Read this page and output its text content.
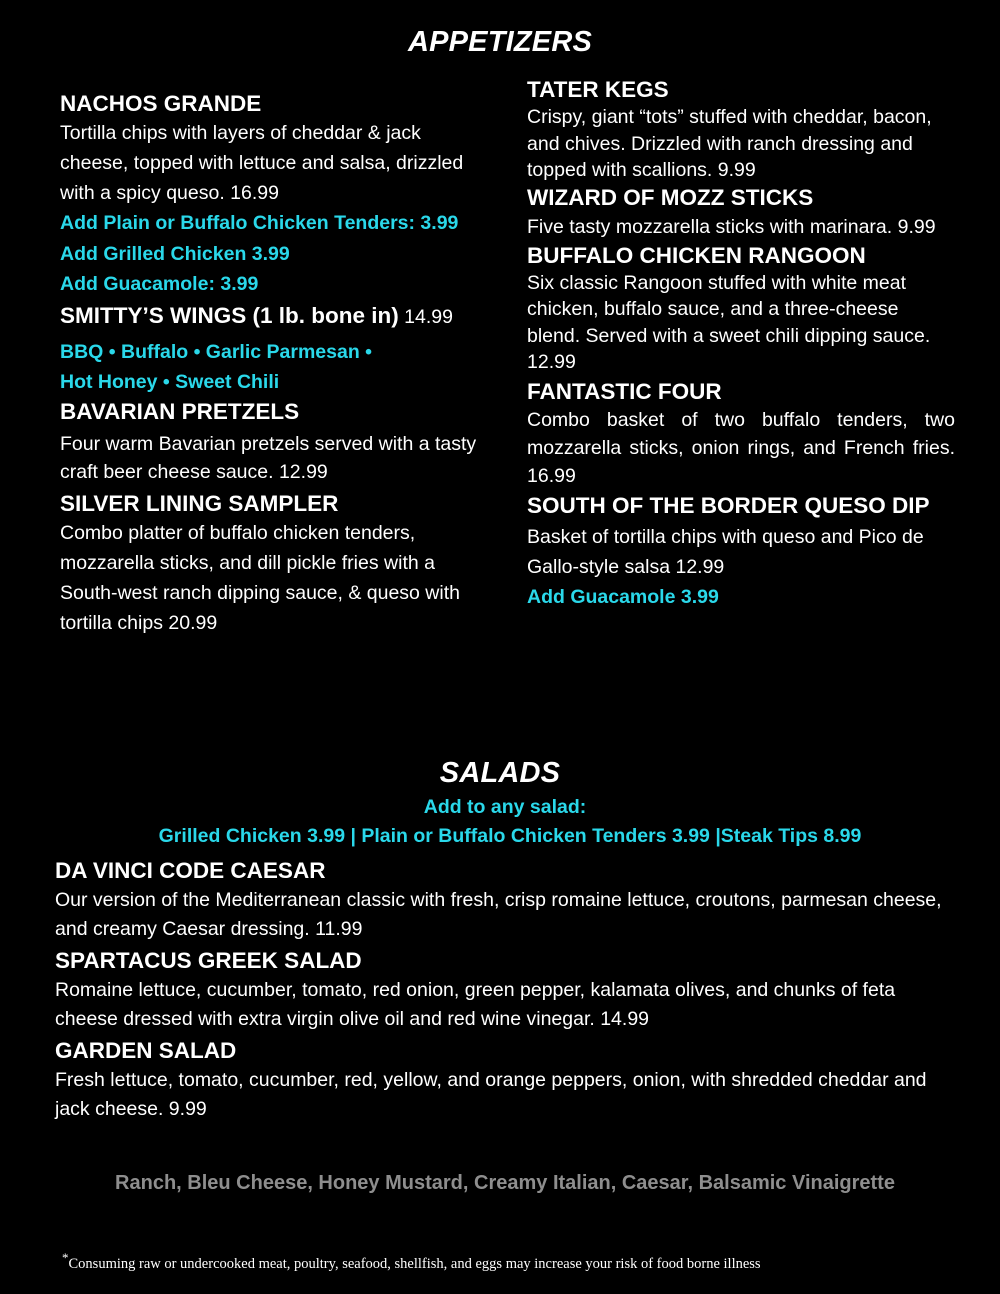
APPETIZERS
NACHOS GRANDE
Tortilla chips with layers of cheddar & jack cheese, topped with lettuce and salsa, drizzled with a spicy queso. 16.99
Add Plain or Buffalo Chicken Tenders: 3.99
Add Grilled Chicken 3.99
Add Guacamole: 3.99
SMITTY’S WINGS (1 lb. bone in) 14.99
BBQ • Buffalo • Garlic Parmesan •
Hot Honey • Sweet Chili
BAVARIAN PRETZELS
Four warm Bavarian pretzels served with a tasty craft beer cheese sauce. 12.99
SILVER LINING SAMPLER
Combo platter of buffalo chicken tenders, mozzarella sticks, and dill pickle fries with a South-west ranch dipping sauce, & queso with tortilla chips 20.99
TATER KEGS
Crispy, giant “tots” stuffed with cheddar, bacon, and chives. Drizzled with ranch dressing and topped with scallions. 9.99
WIZARD OF MOZZ STICKS
Five tasty mozzarella sticks with marinara. 9.99
BUFFALO CHICKEN RANGOON
Six classic Rangoon stuffed with white meat chicken, buffalo sauce, and a three-cheese blend. Served with a sweet chili dipping sauce. 12.99
FANTASTIC FOUR
Combo basket of two buffalo tenders, two mozzarella sticks, onion rings, and French fries. 16.99
SOUTH OF THE BORDER QUESO DIP
Basket of tortilla chips with queso and Pico de Gallo-style salsa 12.99
Add Guacamole 3.99
SALADS
Add to any salad:
Grilled Chicken 3.99 | Plain or Buffalo Chicken Tenders 3.99 |Steak Tips 8.99
DA VINCI CODE CAESAR
Our version of the Mediterranean classic with fresh, crisp romaine lettuce, croutons, parmesan cheese, and creamy Caesar dressing. 11.99
SPARTACUS GREEK SALAD
Romaine lettuce, cucumber, tomato, red onion, green pepper, kalamata olives, and chunks of feta cheese dressed with extra virgin olive oil and red wine vinegar. 14.99
GARDEN SALAD
Fresh lettuce, tomato, cucumber, red, yellow, and orange peppers, onion, with shredded cheddar and jack cheese. 9.99
Ranch, Bleu Cheese, Honey Mustard, Creamy Italian, Caesar, Balsamic Vinaigrette
*Consuming raw or undercooked meat, poultry, seafood, shellfish, and eggs may increase your risk of food borne illness
